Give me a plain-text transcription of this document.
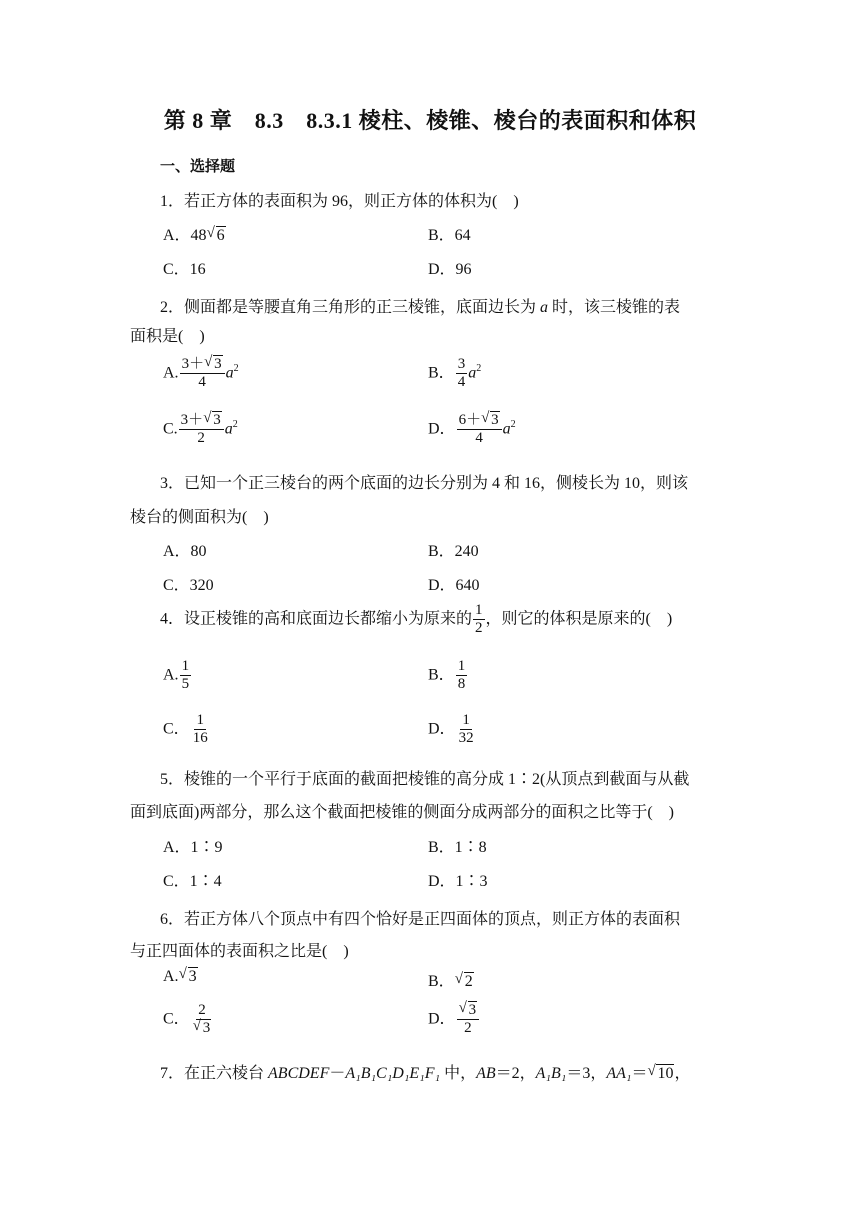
第 8 章　8.3　8.3.1 棱柱、棱锥、棱台的表面积和体积
一、选择题
1．若正方体的表面积为 96，则正方体的体积为(　)
A．48 √ 6	B．64
C．16	D．96
2．侧面都是等腰直角三角形的正三棱锥，底面边长为 a 时，该三棱锥的表
面积是(　)
A. $\frac{3+ √ 3}{4} a^2$	B． $\frac{3}{4} a^2$
C. $\frac{3+ √ 3}{2} a^2$	D． $\frac{6+ √ 3}{4} a^2$
3．已知一个正三棱台的两个底面的边长分别为 4 和 16，侧棱长为 10，则该
棱台的侧面积为(　)
A．80	B．240
C．320	D．640
4．设正棱锥的高和底面边长都缩小为原来的 $\frac{1}{2}$ ，则它的体积是原来的(　)
A. $\frac{1}{5}$	B． $\frac{1}{8}$
C． $\frac{1}{16}$	D． $\frac{1}{32}$
5．棱锥的一个平行于底面的截面把棱锥的高分成 1∶2(从顶点到截面与从截
面到底面)两部分，那么这个截面把棱锥的侧面分成两部分的面积之比等于(　)
A．1∶9	B．1∶8
C．1∶4	D．1∶3
6．若正方体八个顶点中有四个恰好是正四面体的顶点，则正方体的表面积
与正四面体的表面积之比是(　)
A. √ 3	B． √ 2
C． $\frac{2}{√ 3}$	D． $\frac{√ 3}{2}$
7．在正六棱台 ABCDEF－A₁B₁C₁D₁E₁F₁ 中，AB＝2，A₁B₁＝3，AA₁＝ √ 10，
